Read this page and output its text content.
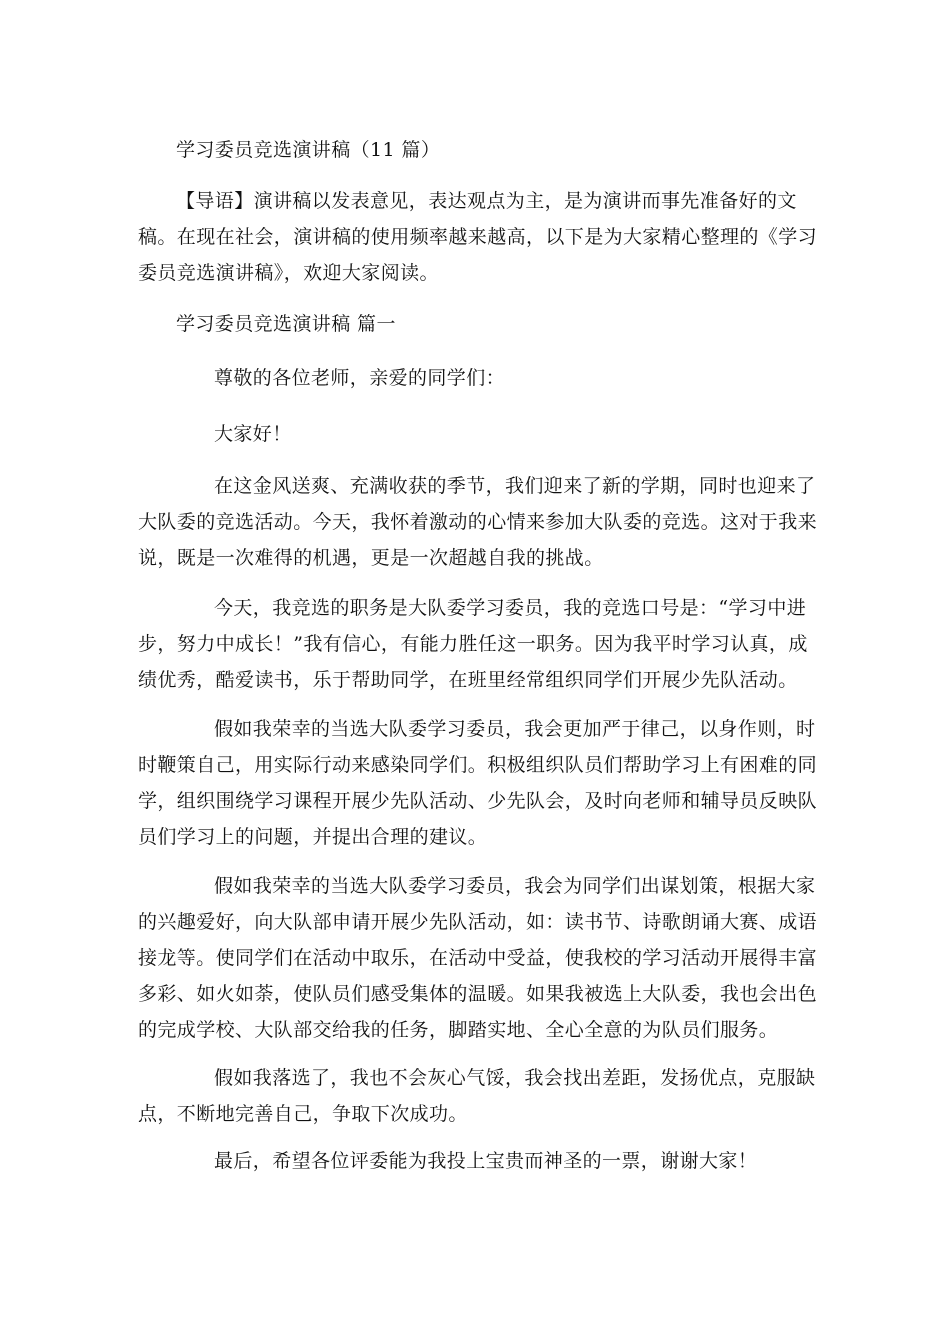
学习委员竞选演讲稿（11 篇）

【导语】演讲稿以发表意见，表达观点为主，是为演讲而事先准备好的文稿。在现在社会，演讲稿的使用频率越来越高，以下是为大家精心整理的《学习委员竞选演讲稿》，欢迎大家阅读。

学习委员竞选演讲稿 篇一

尊敬的各位老师，亲爱的同学们：

大家好！

在这金风送爽、充满收获的季节，我们迎来了新的学期，同时也迎来了大队委的竞选活动。今天，我怀着激动的心情来参加大队委的竞选。这对于我来说，既是一次难得的机遇，更是一次超越自我的挑战。

今天，我竞选的职务是大队委学习委员，我的竞选口号是：“学习中进步，努力中成长！”我有信心，有能力胜任这一职务。因为我平时学习认真，成绩优秀，酷爱读书，乐于帮助同学，在班里经常组织同学们开展少先队活动。

假如我荣幸的当选大队委学习委员，我会更加严于律己，以身作则，时时鞭策自己，用实际行动来感染同学们。积极组织队员们帮助学习上有困难的同学，组织围绕学习课程开展少先队活动、少先队会，及时向老师和辅导员反映队员们学习上的问题，并提出合理的建议。

假如我荣幸的当选大队委学习委员，我会为同学们出谋划策，根据大家的兴趣爱好，向大队部申请开展少先队活动，如：读书节、诗歌朗诵大赛、成语接龙等。使同学们在活动中取乐，在活动中受益，使我校的学习活动开展得丰富多彩、如火如荼，使队员们感受集体的温暖。如果我被选上大队委，我也会出色的完成学校、大队部交给我的任务，脚踏实地、全心全意的为队员们服务。

假如我落选了，我也不会灰心气馁，我会找出差距，发扬优点，克服缺点，不断地完善自己，争取下次成功。

最后，希望各位评委能为我投上宝贵而神圣的一票，谢谢大家！
